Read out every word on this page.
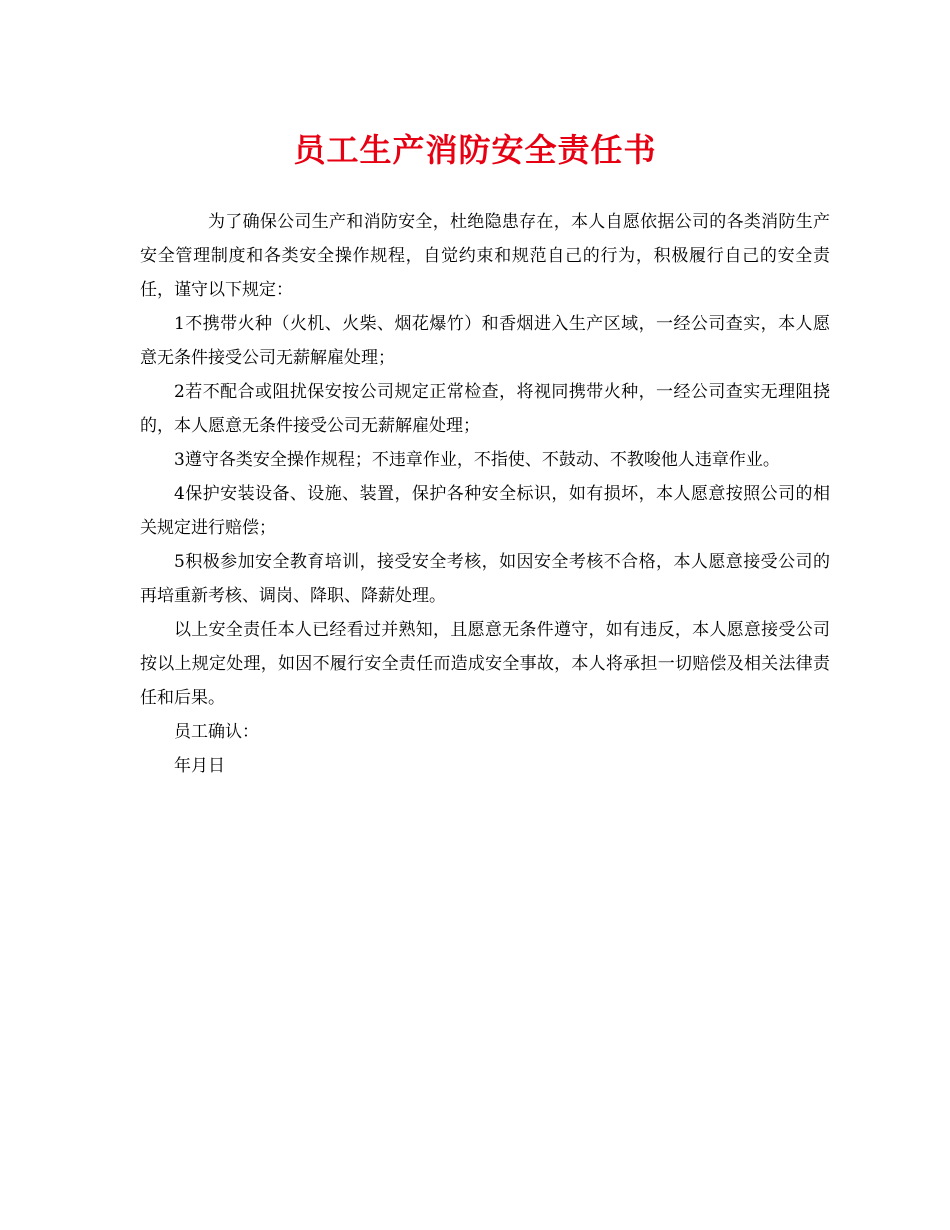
员工生产消防安全责任书

为了确保公司生产和消防安全，杜绝隐患存在，本人自愿依据公司的各类消防生产安全管理制度和各类安全操作规程，自觉约束和规范自己的行为，积极履行自己的安全责任，谨守以下规定：

1不携带火种（火机、火柴、烟花爆竹）和香烟进入生产区域，一经公司查实，本人愿意无条件接受公司无薪解雇处理；

2若不配合或阻扰保安按公司规定正常检查，将视同携带火种，一经公司查实无理阻挠的，本人愿意无条件接受公司无薪解雇处理；

3遵守各类安全操作规程；不违章作业，不指使、不鼓动、不教唆他人违章作业。

4保护安装设备、设施、装置，保护各种安全标识，如有损坏，本人愿意按照公司的相关规定进行赔偿；

5积极参加安全教育培训，接受安全考核，如因安全考核不合格，本人愿意接受公司的再培重新考核、调岗、降职、降薪处理。

以上安全责任本人已经看过并熟知，且愿意无条件遵守，如有违反，本人愿意接受公司按以上规定处理，如因不履行安全责任而造成安全事故，本人将承担一切赔偿及相关法律责任和后果。

员工确认：

年月日
